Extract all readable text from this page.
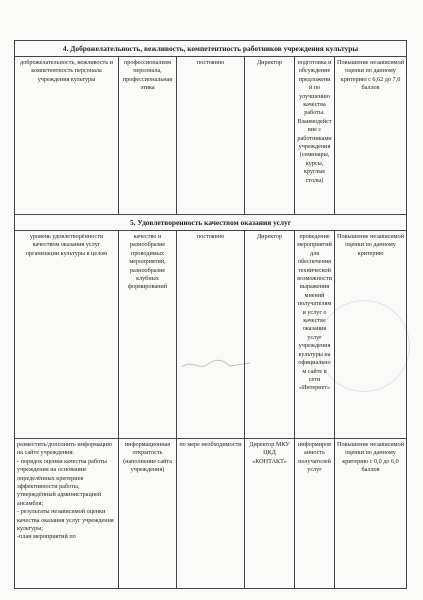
4. Доброжелательность, вежливость, компетентность работников учреждения культуры					
доброжелательность, вежливость и компетентность персонала учреждения культуры	профессионализм персонала, профессиональная этика	постоянно	Директор	подготовка и обсуждение предложений по улучшению качества работы. Взаимодействие с работниками учреждения (семинары, курсы, круглые столы)	Повышение независимой оценки по данному критерию с 6,62 до 7,0 баллов
5. Удовлетворенность качеством оказания услуг					
уровень удовлетворённости качеством оказания услуг организации культуры в целом	качество и разнообразие проводимых мероприятий, разнообразие клубных формирований	постоянно	Директор	проведение мероприятий для обеспечения технической возможности выражения мнений получателями услуг о качестве оказания услуг учреждения культуры на официальном сайте в сети «Интернет»	Повышение независимой оценки по данному критерию
разместить/дополнить информацию на сайте учреждения:
- порядок оценки качества работы учреждения на основании определённых критериев эффективности работы, утверждённый администрацией ансамбля;
- результаты независимой оценки качества оказания услуг учреждения культуры;
-план мероприятий по	информационная открытость (наполнение сайта учреждения)	по мере необходимости	Директор МКУ ЦКД «КОНТАКТ»	информированность получателей услуг	Повышение независимой оценки по данному критерию с 0,0 до 6,0 баллов
